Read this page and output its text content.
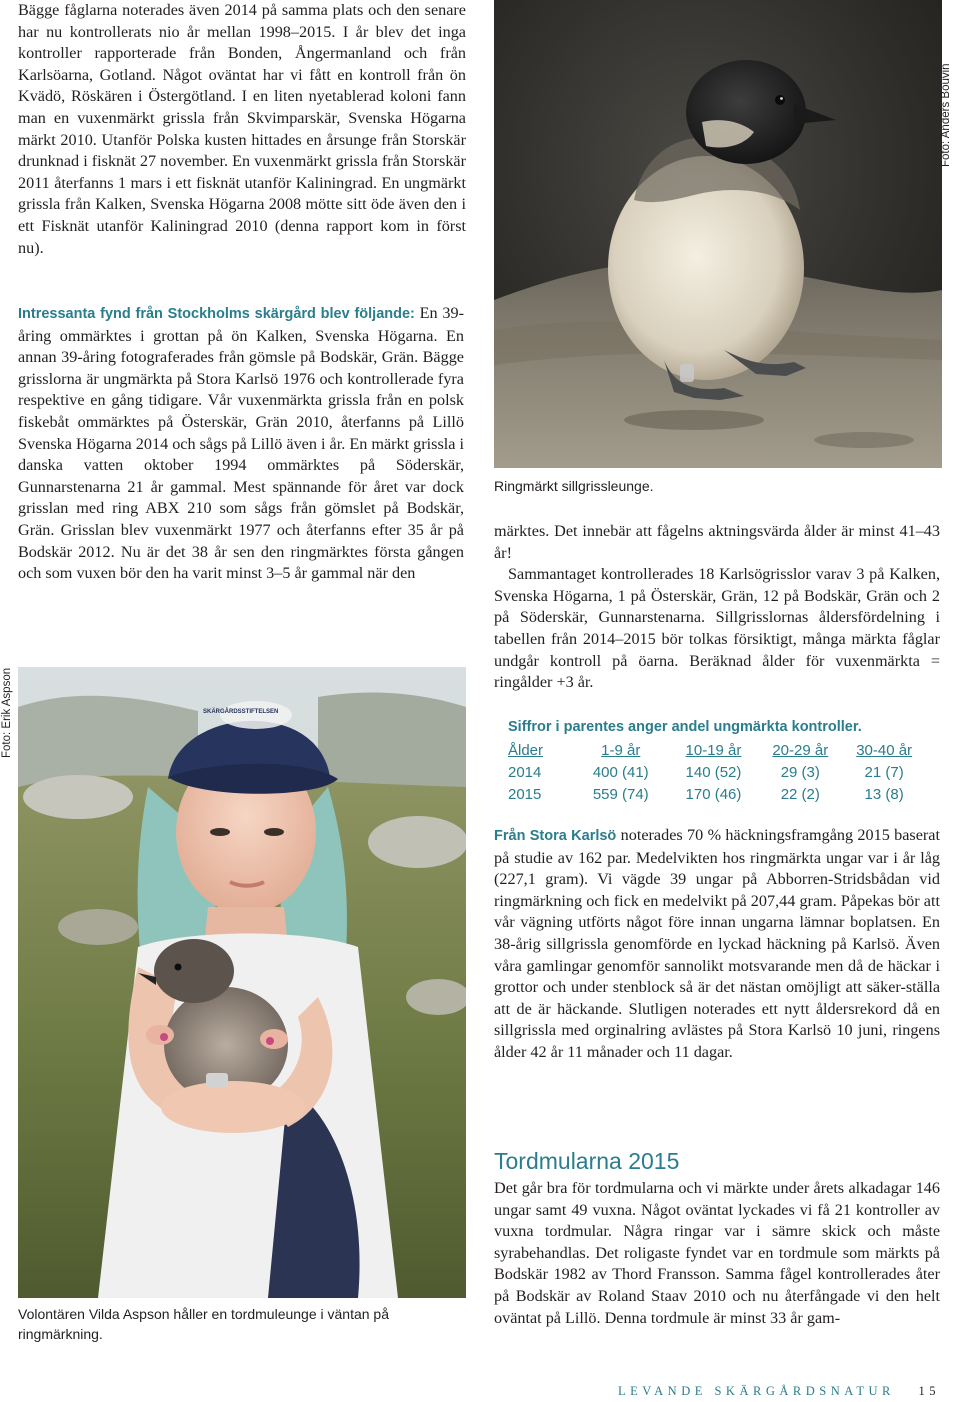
Bägge fåglarna noterades även 2014 på samma plats och den senare har nu kontrollerats nio år mellan 1998–2015. I år blev det inga kontroller rapporterade från Bonden, Ångermanland och från Karlsöarna, Gotland. Något oväntat har vi fått en kontroll från ön Kvädö, Röskären i Östergötland. I en liten nyetablerad koloni fann man en vuxenmärkt grissla från Skvimparskär, Svenska Högarna märkt 2010. Utanför Polska kusten hittades en årsunge från Storskär drunknad i fisknät 27 november. En vuxenmärkt grissla från Storskär 2011 återfanns 1 mars i ett fisknät utanför Kaliningrad. En ungmärkt grissla från Kalken, Svenska Högarna 2008 mötte sitt öde även den i ett Fisknät utanför Kaliningrad 2010 (denna rapport kom in först nu).

Intressanta fynd från Stockholms skärgård blev följande: En 39-åring ommärktes i grottan på ön Kalken, Svenska Högarna. En annan 39-åring fotograferades från gömsle på Bodskär, Grän. Bägge grisslorna är ungmärkta på Stora Karlsö 1976 och kontrollerade fyra respektive en gång tidigare. Vår vuxenmärkta grissla från en polsk fiskebåt ommärktes på Österskär, Grän 2010, återfanns på Lillö Svenska Högarna 2014 och sågs på Lillö även i år. En märkt grissla i danska vatten oktober 1994 ommärktes på Söderskär, Gunnarstenarna 21 år gammal. Mest spännande för året var dock grisslan med ring ABX 210 som sågs från gömslet på Bodskär, Grän. Grisslan blev vuxenmärkt 1977 och återfanns efter 35 år på Bodskär 2012. Nu är det 38 år sen den ringmärktes första gången och som vuxen bör den ha varit minst 3–5 år gammal när den

Foto: Anders Bouvin
Ringmärkt sillgrissleunge.

märktes. Det innebär att fågelns aktningsvärda ålder är minst 41–43 år!

Sammantaget kontrollerades 18 Karlsögrisslor varav 3 på Kalken, Svenska Högarna, 1 på Österskär, Grän, 12 på Bodskär, Grän och 2 på Söderskär, Gunnarstenarna. Sillgrisslornas åldersfördelning i tabellen från 2014–2015 bör tolkas försiktigt, många märkta fåglar undgår kontroll på öarna. Beräknad ålder för vuxenmärkta = ringålder +3 år.

Siffror i parentes anger andel ungmärkta kontroller.
Ålder	1-9 år	10-19 år	20-29 år	30-40 år
2014	400 (41)	140 (52)	29 (3)	21 (7)
2015	559 (74)	170 (46)	22 (2)	13 (8)

Från Stora Karlsö noterades 70 % häckningsframgång 2015 baserat på studie av 162 par. Medelvikten hos ringmärkta ungar var i år låg (227,1 gram). Vi vägde 39 ungar på Abborren-Stridsbådan vid ringmärkning och fick en medelvikt på 207,44 gram. Påpekas bör att vår vägning utförts något före innan ungarna lämnar boplatsen. En 38-årig sillgrissla genomförde en lyckad häckning på Karlsö. Även våra gamlingar genomför sannolikt motsvarande men då de häckar i grottor och under stenblock så är det nästan omöjligt att säker-ställa att de är häckande. Slutligen noterades ett nytt åldersrekord då en sillgrissla med orginalring avlästes på Stora Karlsö 10 juni, ringens ålder 42 år 11 månader och 11 dagar.

SKÄRGÅRDSSTIFTELSEN
Foto: Erik Aspson
Volontären Vilda Aspson håller en tordmuleunge i väntan på ringmärkning.
Tordmularna 2015

Det går bra för tordmularna och vi märkte under årets alkadagar 146 ungar samt 49 vuxna. Något oväntat lyckades vi få 21 kontroller av vuxna tordmular. Några ringar var i sämre skick och måste syrabehandlas. Det roligaste fyndet var en tordmule som märkts på Bodskär 1982 av Thord Fransson. Samma fågel kontrollerades åter på Bodskär av Roland Staav 2010 och nu återfångade vi den helt oväntat på Lillö. Denna tordmule är minst 33 år gam-

LEVANDE SKÄRGÅRDSNATUR 15
